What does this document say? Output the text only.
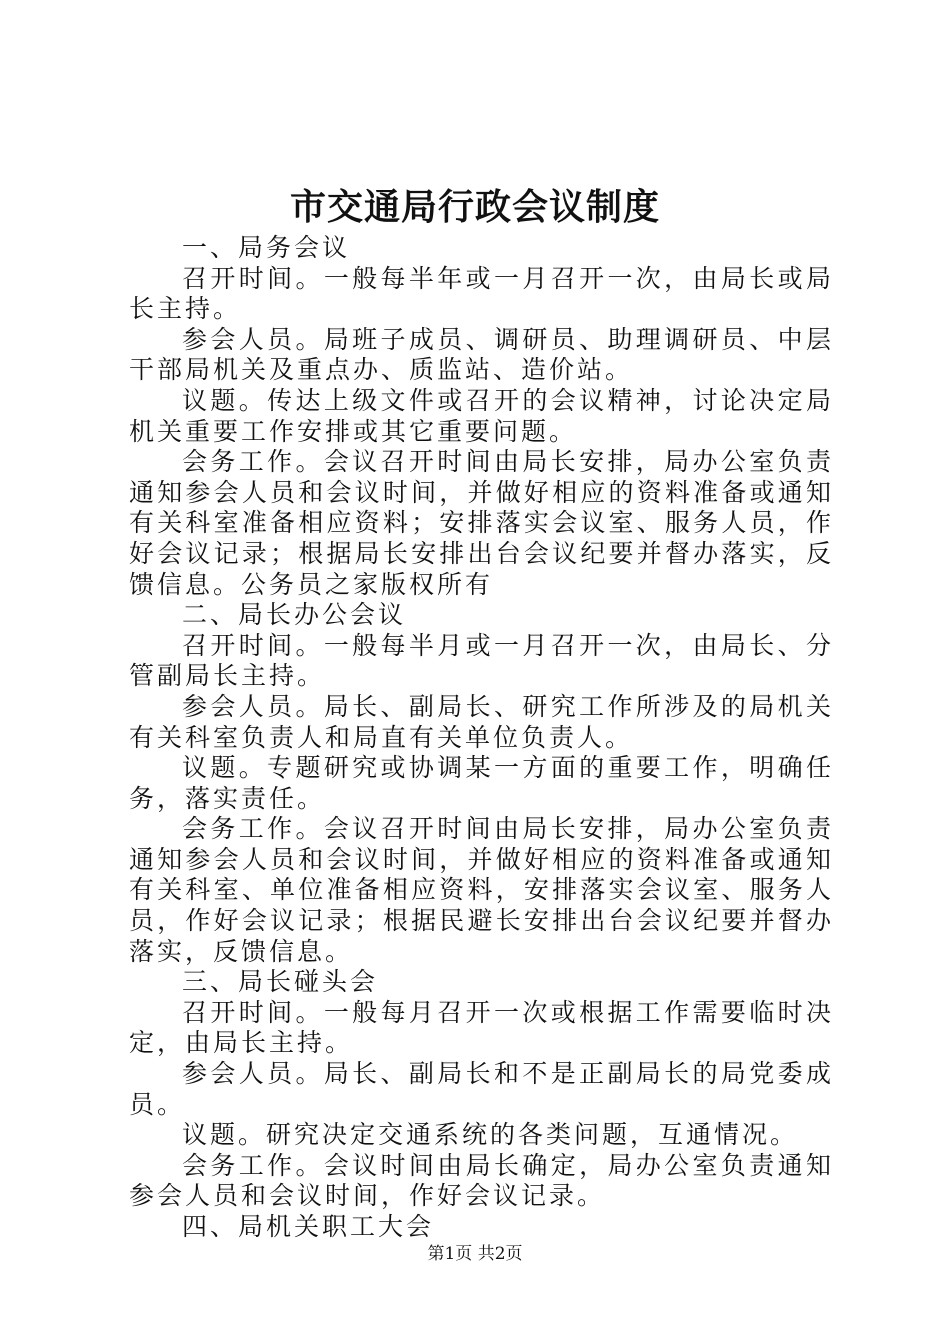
市交通局行政会议制度

一、局务会议

召开时间。一般每半年或一月召开一次，由局长或局长主持。

参会人员。局班子成员、调研员、助理调研员、中层干部局机关及重点办、质监站、造价站。

议题。传达上级文件或召开的会议精神，讨论决定局机关重要工作安排或其它重要问题。

会务工作。会议召开时间由局长安排，局办公室负责通知参会人员和会议时间，并做好相应的资料准备或通知有关科室准备相应资料；安排落实会议室、服务人员，作好会议记录；根据局长安排出台会议纪要并督办落实，反馈信息。公务员之家版权所有

二、局长办公会议

召开时间。一般每半月或一月召开一次，由局长、分管副局长主持。

参会人员。局长、副局长、研究工作所涉及的局机关有关科室负责人和局直有关单位负责人。

议题。专题研究或协调某一方面的重要工作，明确任务，落实责任。

会务工作。会议召开时间由局长安排，局办公室负责通知参会人员和会议时间，并做好相应的资料准备或通知有关科室、单位准备相应资料，安排落实会议室、服务人员，作好会议记录；根据民避长安排出台会议纪要并督办落实，反馈信息。

三、局长碰头会

召开时间。一般每月召开一次或根据工作需要临时决定，由局长主持。

参会人员。局长、副局长和不是正副局长的局党委成员。

议题。研究决定交通系统的各类问题，互通情况。

会务工作。会议时间由局长确定，局办公室负责通知参会人员和会议时间，作好会议记录。

四、局机关职工大会

第1页 共2页
